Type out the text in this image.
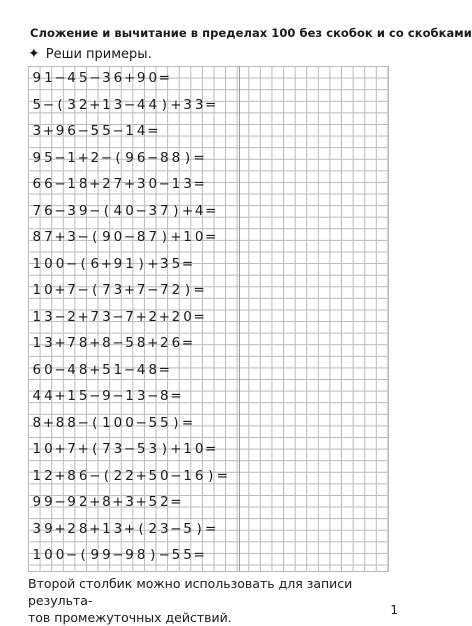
Сложение и вычитание в пределах 100 без скобок и со скобками
✦ Реши примеры.
9 1 − 4 5 − 3 6 + 9 0 =
5 − ( 3 2 + 1 3 − 4 4 ) + 3 3 =
3 + 9 6 − 5 5 − 1 4 =
9 5 − 1 + 2 − ( 9 6 − 8 8 ) =
6 6 − 1 8 + 2 7 + 3 0 − 1 3 =
7 6 − 3 9 − ( 4 0 − 3 7 ) + 4 =
8 7 + 3 − ( 9 0 − 8 7 ) + 1 0 =
1 0 0 − ( 6 + 9 1 ) + 3 5 =
1 0 + 7 − ( 7 3 + 7 − 7 2 ) =
1 3 − 2 + 7 3 − 7 + 2 + 2 0 =
1 3 + 7 8 + 8 − 5 8 + 2 6 =
6 0 − 4 8 + 5 1 − 4 8 =
4 4 + 1 5 − 9 − 1 3 − 8 =
8 + 8 8 − ( 1 0 0 − 5 5 ) =
1 0 + 7 + ( 7 3 − 5 3 ) + 1 0 =
1 2 + 8 6 − ( 2 2 + 5 0 − 1 6 ) =
9 9 − 9 2 + 8 + 3 + 5 2 =
3 9 + 2 8 + 1 3 + ( 2 3 − 5 ) =
1 0 0 − ( 9 9 − 9 8 ) − 5 5 =
Второй столбик можно использовать для записи результа-
тов промежуточных действий.	1
